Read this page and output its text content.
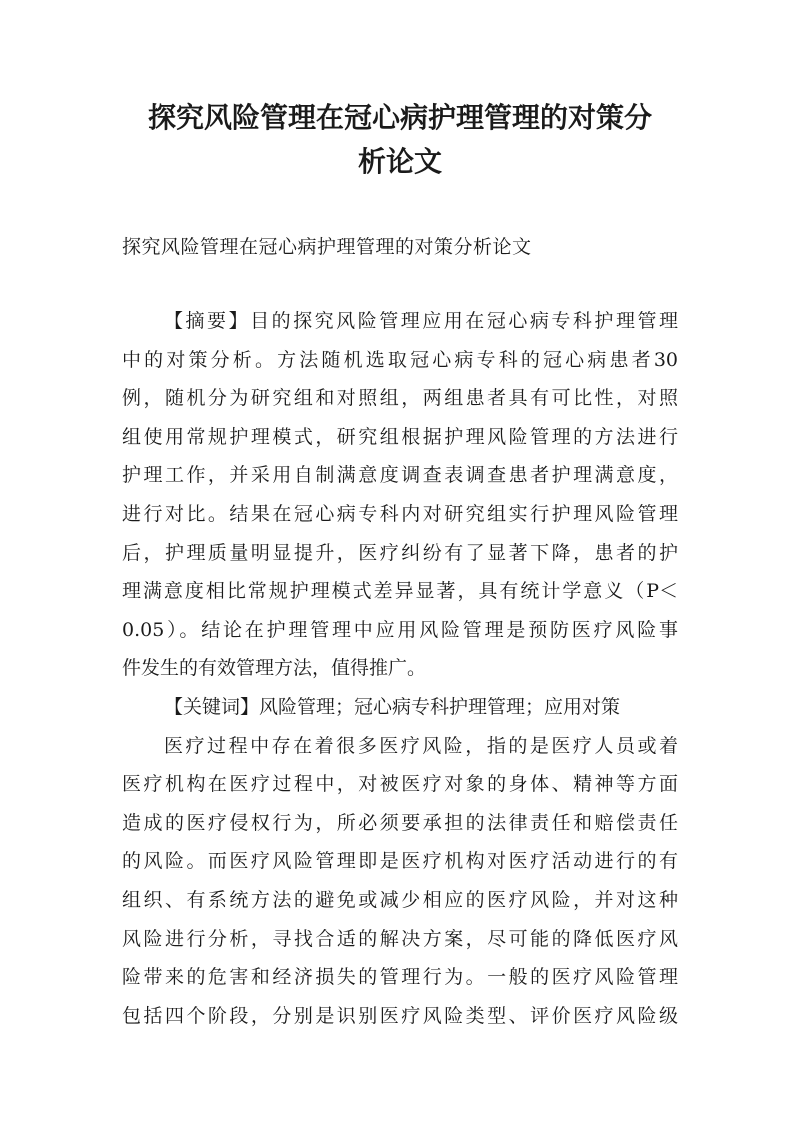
探究风险管理在冠心病护理管理的对策分
析论文

探究风险管理在冠心病护理管理的对策分析论文

【摘要】目的探究风险管理应用在冠心病专科护理管理
中的对策分析。方法随机选取冠心病专科的冠心病患者30
例，随机分为研究组和对照组，两组患者具有可比性，对照
组使用常规护理模式，研究组根据护理风险管理的方法进行
护理工作，并采用自制满意度调查表调查患者护理满意度，
进行对比。结果在冠心病专科内对研究组实行护理风险管理
后，护理质量明显提升，医疗纠纷有了显著下降，患者的护
理满意度相比常规护理模式差异显著，具有统计学意义（P＜
0.05）。结论在护理管理中应用风险管理是预防医疗风险事
件发生的有效管理方法，值得推广。
【关键词】风险管理；冠心病专科护理管理；应用对策
医疗过程中存在着很多医疗风险，指的是医疗人员或着
医疗机构在医疗过程中，对被医疗对象的身体、精神等方面
造成的医疗侵权行为，所必须要承担的法律责任和赔偿责任
的风险。而医疗风险管理即是医疗机构对医疗活动进行的有
组织、有系统方法的避免或减少相应的医疗风险，并对这种
风险进行分析，寻找合适的解决方案，尽可能的降低医疗风
险带来的危害和经济损失的管理行为。一般的医疗风险管理
包括四个阶段，分别是识别医疗风险类型、评价医疗风险级
